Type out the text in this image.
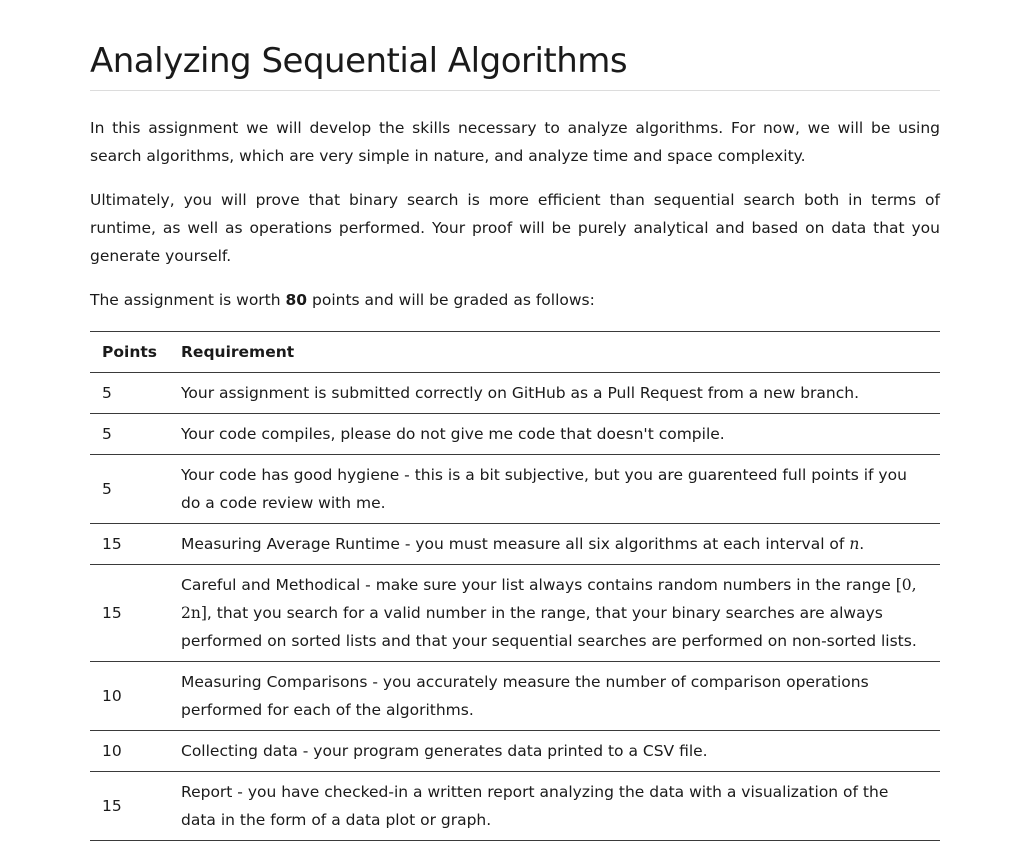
Analyzing Sequential Algorithms

In this assignment we will develop the skills necessary to analyze algorithms. For now, we will be using search algorithms, which are very simple in nature, and analyze time and space complexity.

Ultimately, you will prove that binary search is more efficient than sequential search both in terms of runtime, as well as operations performed. Your proof will be purely analytical and based on data that you generate yourself.

The assignment is worth 80 points and will be graded as follows:

Points	Requirement
5	Your assignment is submitted correctly on GitHub as a Pull Request from a new branch.
5	Your code compiles, please do not give me code that doesn't compile.
5	Your code has good hygiene - this is a bit subjective, but you are guarenteed full points if you do a code review with me.
15	Measuring Average Runtime - you must measure all six algorithms at each interval of n.
15	Careful and Methodical - make sure your list always contains random numbers in the range [0, 2n], that you search for a valid number in the range, that your binary searches are always performed on sorted lists and that your sequential searches are performed on non-sorted lists.
10	Measuring Comparisons - you accurately measure the number of comparison operations performed for each of the algorithms.
10	Collecting data - your program generates data printed to a CSV file.
15	Report - you have checked-in a written report analyzing the data with a visualization of the data in the form of a data plot or graph.
